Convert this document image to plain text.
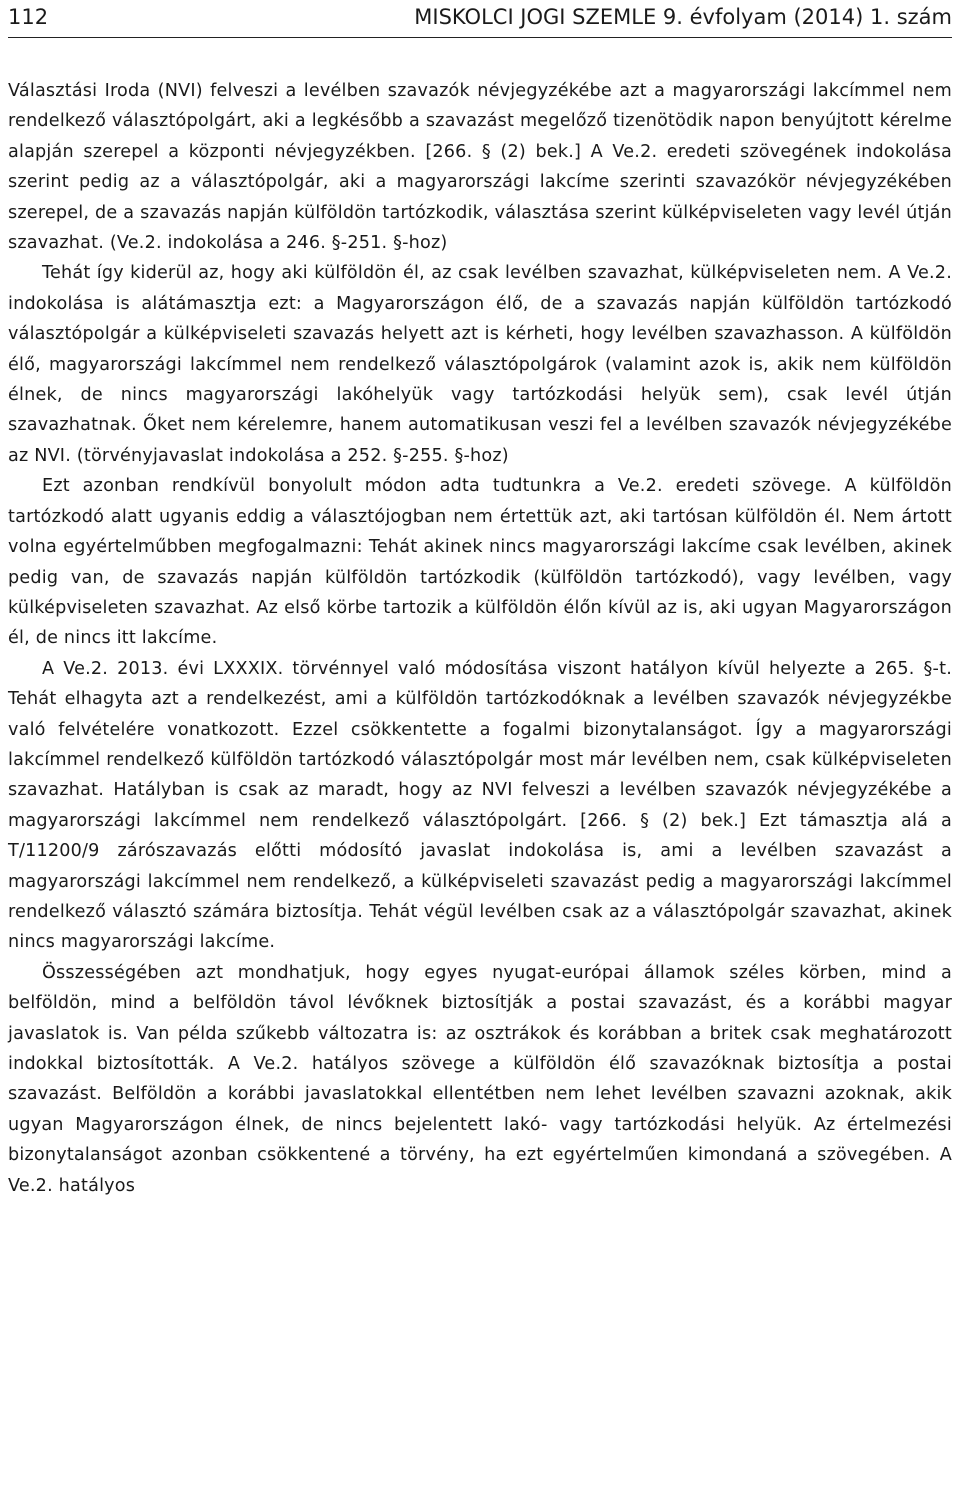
112	MISKOLCI JOGI SZEMLE 9. évfolyam (2014) 1. szám

Választási Iroda (NVI) felveszi a levélben szavazók névjegyzékébe azt a magyarországi lakcímmel nem rendelkező választópolgárt, aki a legkésőbb a szavazást megelőző tizenötödik napon benyújtott kérelme alapján szerepel a központi névjegyzékben. [266. § (2) bek.] A Ve.2. eredeti szövegének indokolása szerint pedig az a választópolgár, aki a magyarországi lakcíme szerinti szavazókör névjegyzékében szerepel, de a szavazás napján külföldön tartózkodik, választása szerint külképviseleten vagy levél útján szavazhat. (Ve.2. indokolása a 246. §-251. §-hoz)

Tehát így kiderül az, hogy aki külföldön él, az csak levélben szavazhat, külképviseleten nem. A Ve.2. indokolása is alátámasztja ezt: a Magyarországon élő, de a szavazás napján külföldön tartózkodó választópolgár a külképviseleti szavazás helyett azt is kérheti, hogy levélben szavazhasson. A külföldön élő, magyarországi lakcímmel nem rendelkező választópolgárok (valamint azok is, akik nem külföldön élnek, de nincs magyarországi lakóhelyük vagy tartózkodási helyük sem), csak levél útján szavazhatnak. Őket nem kérelemre, hanem automatikusan veszi fel a levélben szavazók névjegyzékébe az NVI. (törvényjavaslat indokolása a 252. §-255. §-hoz)

Ezt azonban rendkívül bonyolult módon adta tudtunkra a Ve.2. eredeti szövege. A külföldön tartózkodó alatt ugyanis eddig a választójogban nem értettük azt, aki tartósan külföldön él. Nem ártott volna egyértelműbben megfogalmazni: Tehát akinek nincs magyarországi lakcíme csak levélben, akinek pedig van, de szavazás napján külföldön tartózkodik (külföldön tartózkodó), vagy levélben, vagy külképviseleten szavazhat. Az első körbe tartozik a külföldön élőn kívül az is, aki ugyan Magyarországon él, de nincs itt lakcíme.

A Ve.2. 2013. évi LXXXIX. törvénnyel való módosítása viszont hatályon kívül helyezte a 265. §-t. Tehát elhagyta azt a rendelkezést, ami a külföldön tartózkodóknak a levélben szavazók névjegyzékbe való felvételére vonatkozott. Ezzel csökkentette a fogalmi bizonytalanságot. Így a magyarországi lakcímmel rendelkező külföldön tartózkodó választópolgár most már levélben nem, csak külképviseleten szavazhat. Hatályban is csak az maradt, hogy az NVI felveszi a levélben szavazók névjegyzékébe a magyarországi lakcímmel nem rendelkező választópolgárt. [266. § (2) bek.] Ezt támasztja alá a T/11200/9 zárószavazás előtti módosító javaslat indokolása is, ami a levélben szavazást a magyarországi lakcímmel nem rendelkező, a külképviseleti szavazást pedig a magyarországi lakcímmel rendelkező választó számára biztosítja. Tehát végül levélben csak az a választópolgár szavazhat, akinek nincs magyarországi lakcíme.

Összességében azt mondhatjuk, hogy egyes nyugat-európai államok széles körben, mind a belföldön, mind a belföldön távol lévőknek biztosítják a postai szavazást, és a korábbi magyar javaslatok is. Van példa szűkebb változatra is: az osztrákok és korábban a britek csak meghatározott indokkal biztosították. A Ve.2. hatályos szövege a külföldön élő szavazóknak biztosítja a postai szavazást. Belföldön a korábbi javaslatokkal ellentétben nem lehet levélben szavazni azoknak, akik ugyan Magyarországon élnek, de nincs bejelentett lakó- vagy tartózkodási helyük. Az értelmezési bizonytalanságot azonban csökkentené a törvény, ha ezt egyértelműen kimondaná a szövegében. A Ve.2. hatályos
